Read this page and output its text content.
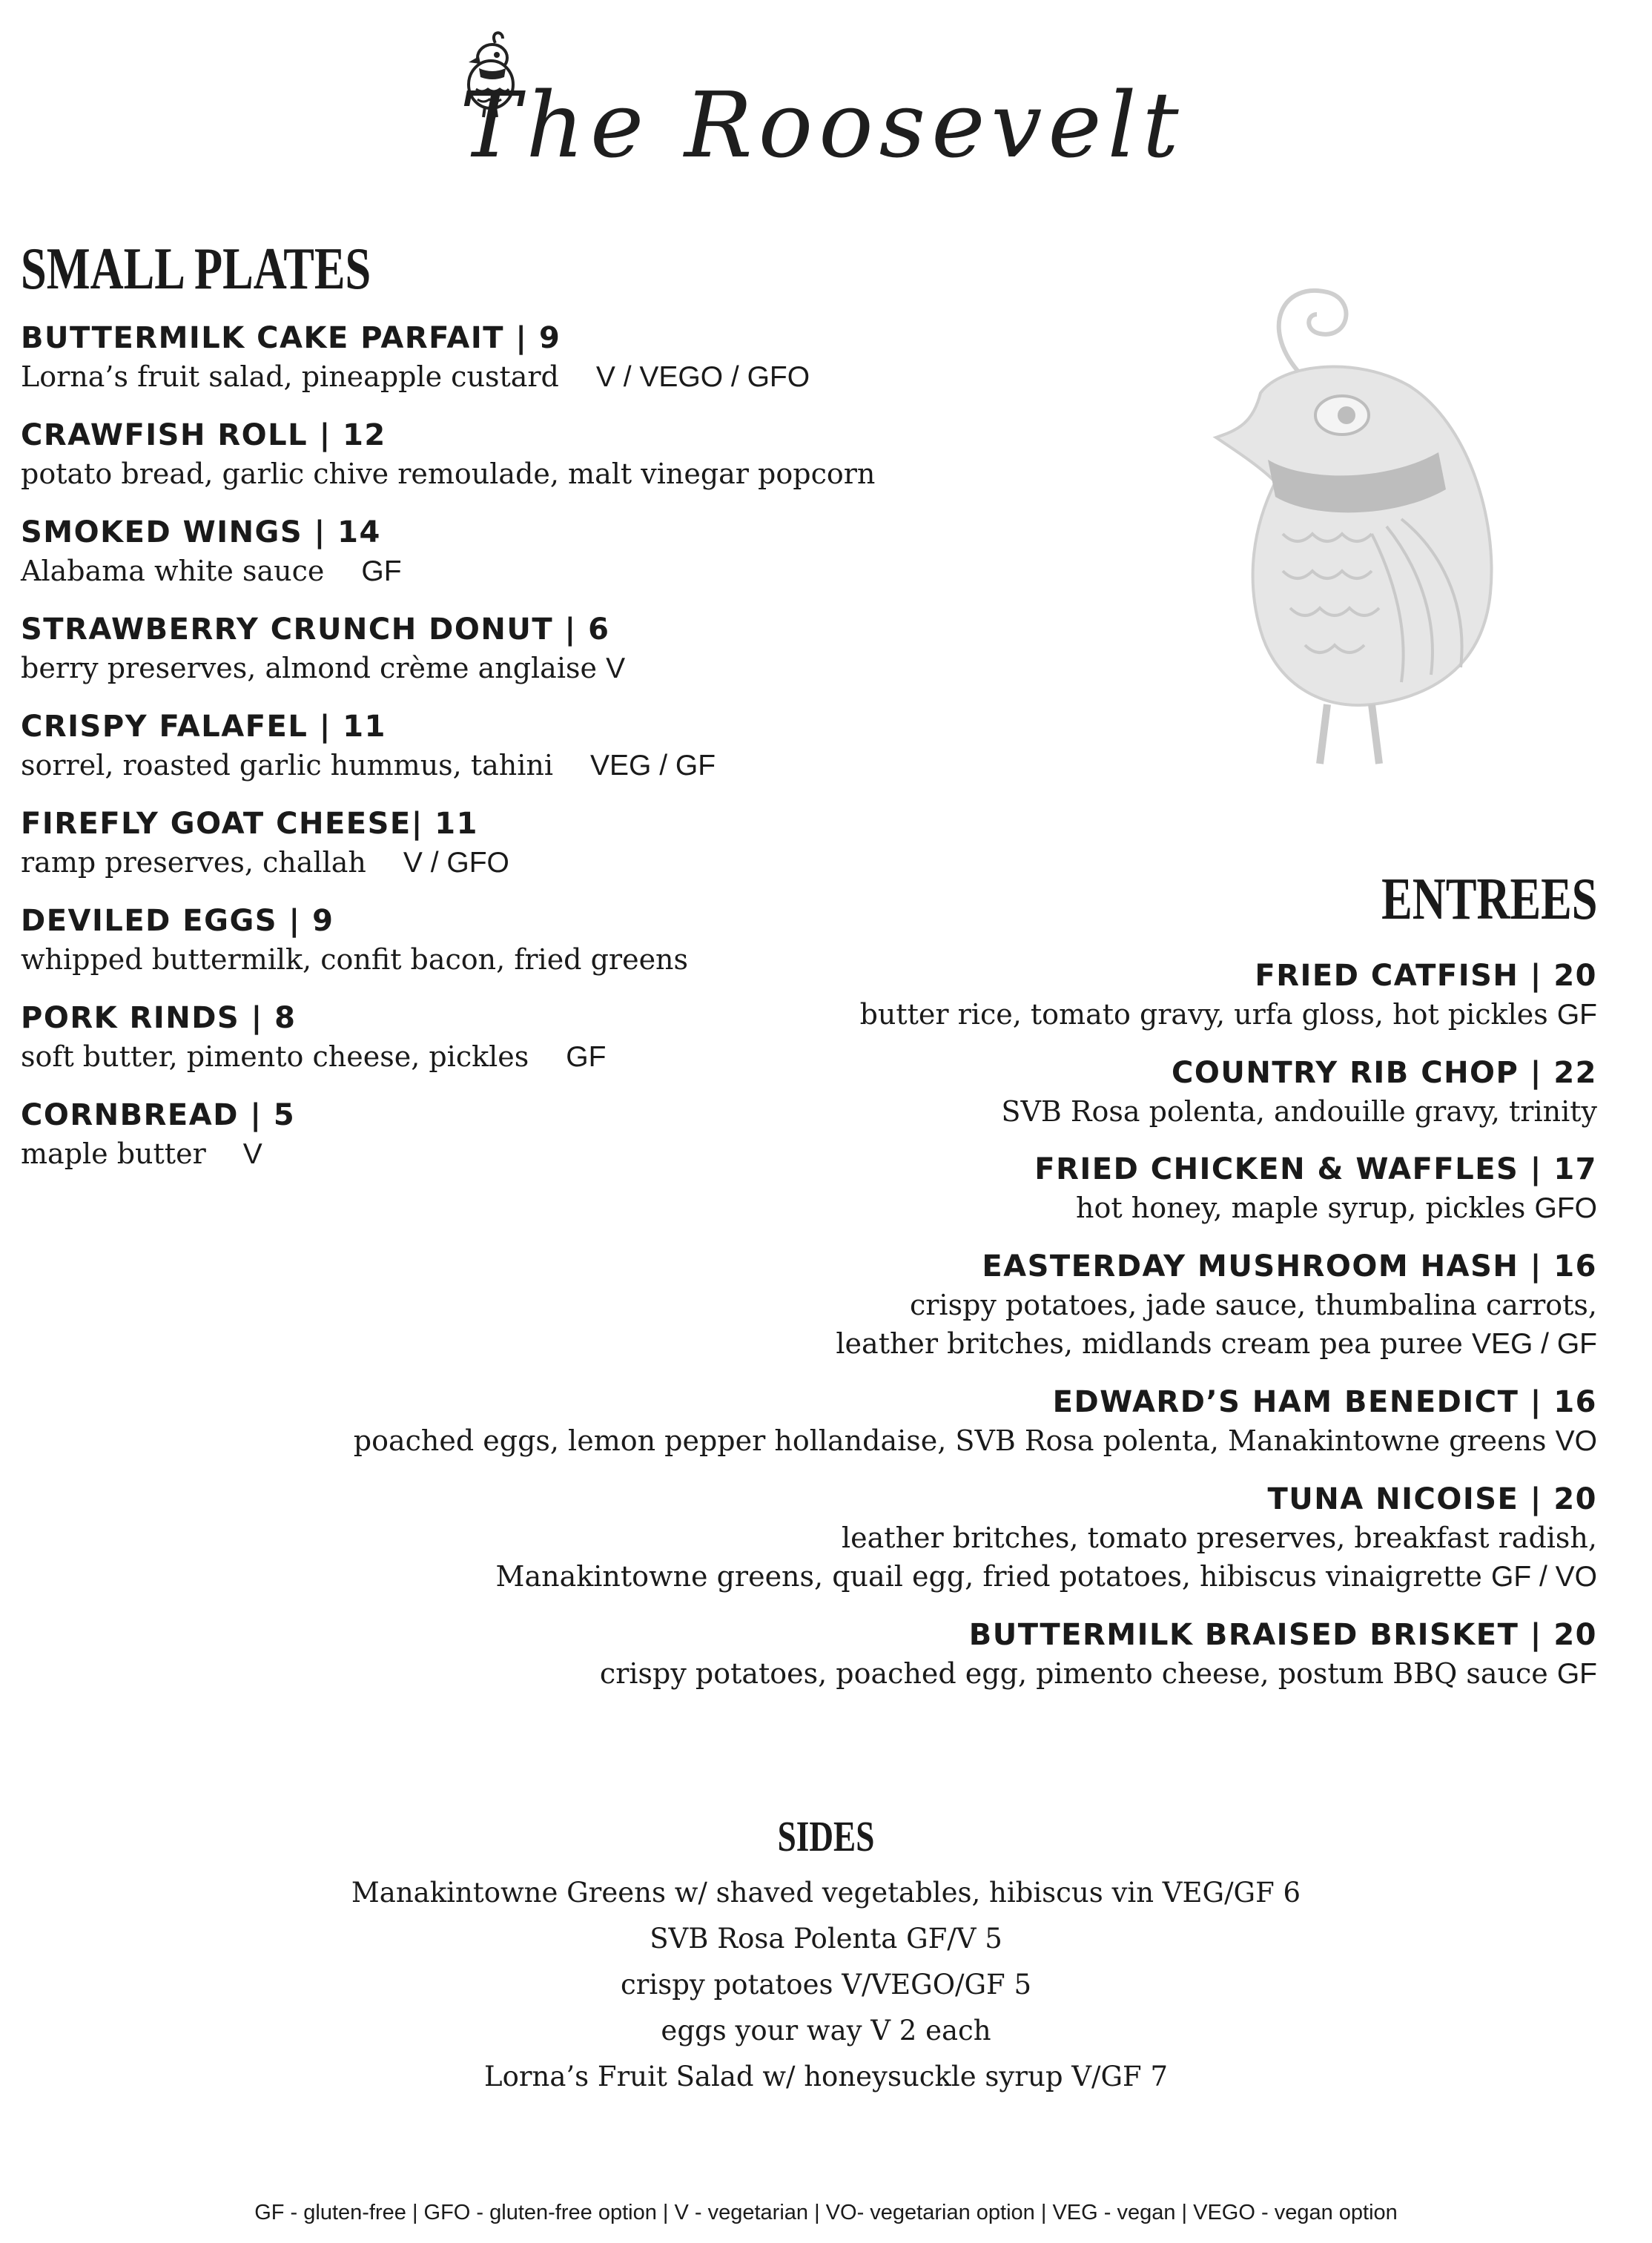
The Roosevelt
SMALL PLATES
BUTTERMILK CAKE PARFAIT | 9
Lorna’s fruit salad, pineapple custard V / VEGO / GFO
CRAWFISH ROLL | 12
potato bread, garlic chive remoulade, malt vinegar popcorn
SMOKED WINGS | 14
Alabama white sauce GF
STRAWBERRY CRUNCH DONUT | 6
berry preserves, almond crème anglaise V
CRISPY FALAFEL | 11
sorrel, roasted garlic hummus, tahini VEG / GF
FIREFLY GOAT CHEESE| 11
ramp preserves, challah V / GFO
DEVILED EGGS | 9
whipped buttermilk, confit bacon, fried greens
PORK RINDS | 8
soft butter, pimento cheese, pickles GF
CORNBREAD | 5
maple butter V
ENTREES
FRIED CATFISH | 20
butter rice, tomato gravy, urfa gloss, hot pickles GF
COUNTRY RIB CHOP | 22
SVB Rosa polenta, andouille gravy, trinity
FRIED CHICKEN & WAFFLES | 17
hot honey, maple syrup, pickles GFO
EASTERDAY MUSHROOM HASH | 16
crispy potatoes, jade sauce, thumbalina carrots,
leather britches, midlands cream pea puree VEG / GF
EDWARD’S HAM BENEDICT | 16
poached eggs, lemon pepper hollandaise, SVB Rosa polenta, Manakintowne greens VO
TUNA NICOISE | 20
leather britches, tomato preserves, breakfast radish,
Manakintowne greens, quail egg, fried potatoes, hibiscus vinaigrette GF / VO
BUTTERMILK BRAISED BRISKET | 20
crispy potatoes, poached egg, pimento cheese, postum BBQ sauce GF
SIDES
Manakintowne Greens w/ shaved vegetables, hibiscus vin VEG/GF 6
SVB Rosa Polenta GF/V 5
crispy potatoes V/VEGO/GF 5
eggs your way V 2 each
Lorna’s Fruit Salad w/ honeysuckle syrup V/GF 7
GF - gluten-free | GFO - gluten-free option | V - vegetarian | VO- vegetarian option | VEG - vegan | VEGO - vegan option
